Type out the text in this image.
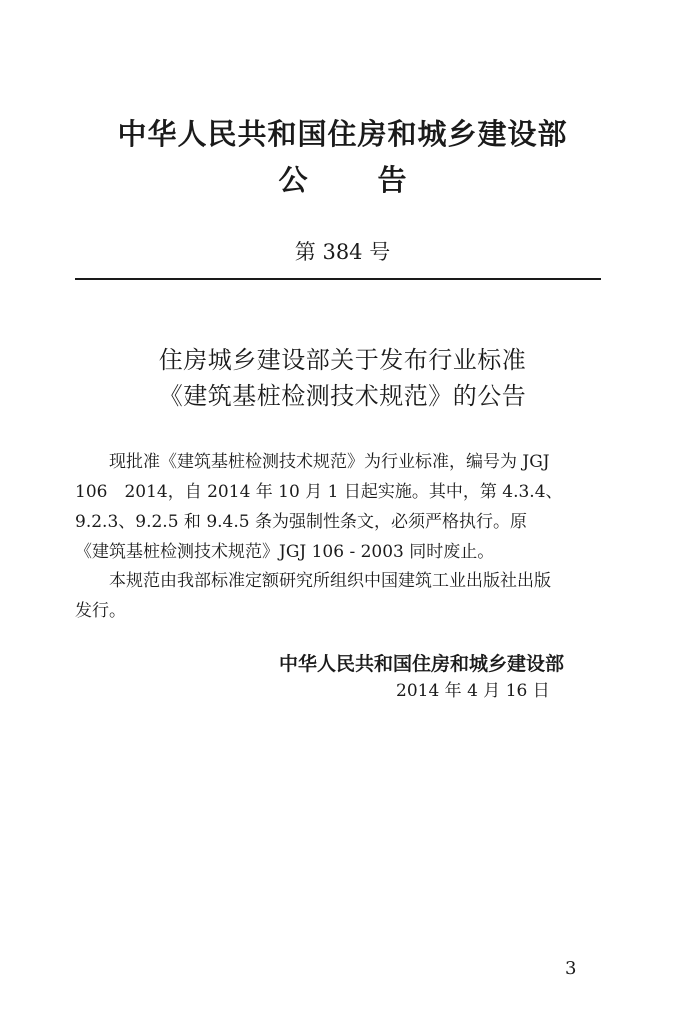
中华人民共和国住房和城乡建设部
公 告
第 384 号
住房城乡建设部关于发布行业标准
《建筑基桩检测技术规范》的公告
　　现批准《建筑基桩检测技术规范》为行业标准，编号为 JGJ
106　2014，自 2014 年 10 月 1 日起实施。其中，第 4.3.4、
9.2.3、9.2.5 和 9.4.5 条为强制性条文，必须严格执行。原
《建筑基桩检测技术规范》JGJ 106 - 2003 同时废止。
　　本规范由我部标准定额研究所组织中国建筑工业出版社出版
发行。
中华人民共和国住房和城乡建设部
2014 年 4 月 16 日
3
